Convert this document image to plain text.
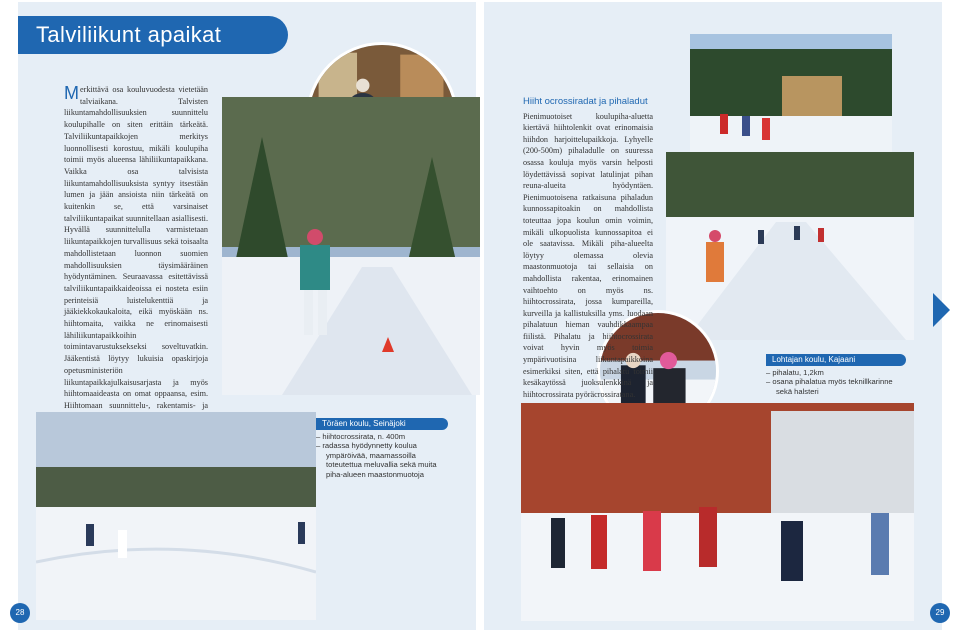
Talviliikunt apaikat
Merkittävä osa kouluvuodesta vietetään talviaikana. Talvisten liikuntamahdollisuuksien suunnittelu koulupihalle on siten erittäin tärkeätä. Talviliikuntapaikkojen merkitys luonnollisesti korostuu, mikäli koulupiha toimii myös alueensa lähiliikuntapaikkana. Vaikka osa talvisista liikuntamahdollisuuksista syntyy itsestään lumen ja jään ansioista niin tärkeätä on kuitenkin se, että varsinaiset talviliikuntapaikat suunnitellaan asiallisesti. Hyvällä suunnittelulla varmistetaan liikuntapaikkojen turvallisuus sekä toisaalta mahdollistetaan luonnon suomien mahdollisuuksien täysimääräinen hyödyntäminen. Seuraavassa esitettävissä talviliikuntapaikkaideoissa ei nosteta esiin perinteisiä luistelukenttiä ja jääkiekkokaukaloita, eikä myöskään ns. hiihtomaita, vaikka ne erinomaisesti lähiliikuntapaikkoihin toimintavarustuksekseksi soveltuvatkin. Jääkentistä löytyy lukuisia opaskirjoja opetusministeriön liikuntapaikkajulkaisusarjasta ja myös hiihtomaaideasta on omat oppaansa, esim. Hiihtomaan suunnittelu-, rakentamis- ja
Hiiht ocrossiradat ja pihaladut
Pienimuotoiset koulupiha-aluetta kiertävä hiihtolenkit ovat erinomaisia hiihdon harjoittelupaikkoja. Lyhyelle (200-500m) pihaladulle on suuressa osassa kouluja myös varsin helposti löydettävissä sopivat latulinjat pihan reuna-alueita hyödyntäen. Pienimuotoisena ratkaisuna pihaladun kunnossapitoakin on mahdollista toteuttaa jopa koulun omin voimin, mikäli ulkopuolista kunnossapitoa ei ole saatavissa. Mikäli piha-alueelta löytyy olemassa olevia maastonmuotoja tai sellaisia on mahdollista rakentaa, erinomainen vaihtoehto on myös ns. hiihtocrossirata, jossa kumpareilla, kurveilla ja kallistuksilla yms. luodaan pihalatuun hieman vauhdikkaampaa fiilistä. Pihalatu ja hiihtocrossirata voivat hyvin myös toimia ympärivuotisina liikuntapaikkoina esimerkiksi siten, että pihalatu toimii kesäkaytössä juoksulenkkinä ja hiihtocrossirata pyöräcrossiratana.
Töräen koulu, Seinäjoki
– hiihtocrossirata, n. 400m
– radassa hyödynnetty koulua ympäröivää, maamassoilla toteutettua meluvallia sekä muita piha-alueen maastonmuotoja
Lohtajan koulu, Kajaani
– pihalatu, 1,2km
– osana pihalatua myös teknillkarinne sekä halsteri
28	29
